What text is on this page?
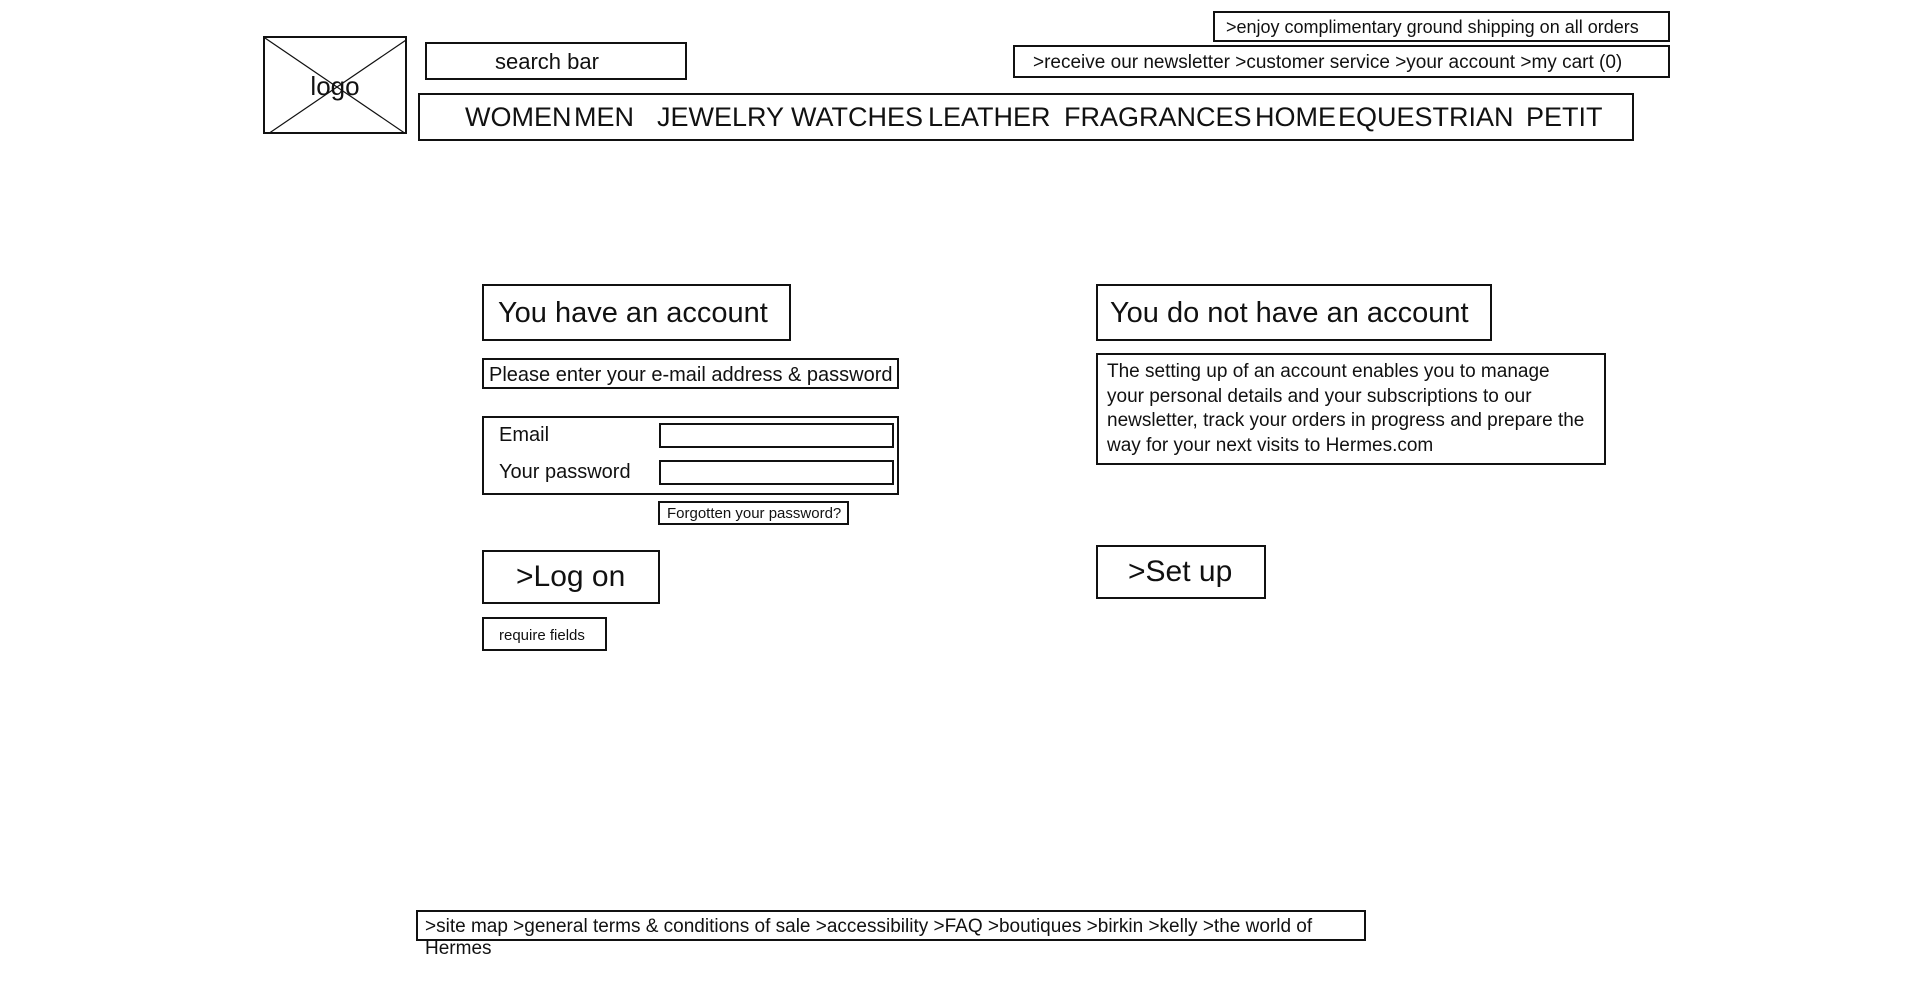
logo
search bar
>enjoy complimentary ground shipping on all orders
>receive our newsletter >customer service >your account >my cart (0)
WOMEN MEN JEWELRY WATCHES LEATHER FRAGRANCES HOME EQUESTRIAN PETIT
You have an account
Please enter your e-mail address & password
Email
Your password
Forgotten your password?
>Log on
require fields
You do not have an account
The setting up of an account enables you to manage your personal details and your subscriptions to our newsletter, track your orders in progress and prepare the way for your next visits to Hermes.com
>Set up
>site map >general terms & conditions of sale >accessibility >FAQ >boutiques >birkin >kelly >the world of Hermes
